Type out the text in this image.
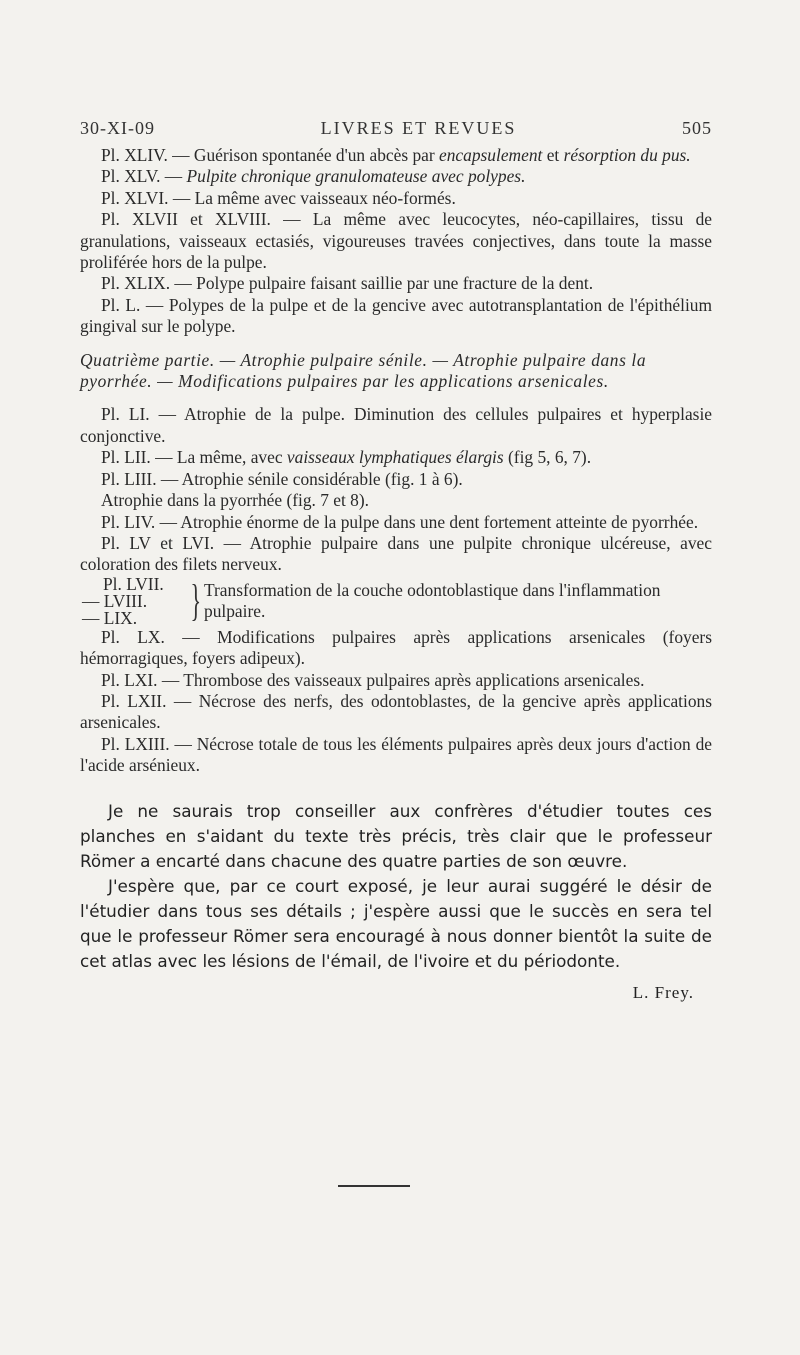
30-XI-09	LIVRES ET REVUES	505

Pl. XLIV. — Guérison spontanée d'un abcès par encapsulement et résorption du pus.

Pl. XLV. — Pulpite chronique granulomateuse avec polypes.

Pl. XLVI. — La même avec vaisseaux néo-formés.

Pl. XLVII et XLVIII. — La même avec leucocytes, néo-capillaires, tissu de granulations, vaisseaux ectasiés, vigoureuses travées conjectives, dans toute la masse proliférée hors de la pulpe.

Pl. XLIX. — Polype pulpaire faisant saillie par une fracture de la dent.

Pl. L. — Polypes de la pulpe et de la gencive avec autotransplantation de l'épithélium gingival sur le polype.

Quatrième partie. — Atrophie pulpaire sénile. — Atrophie pulpaire dans la pyorrhée. — Modifications pulpaires par les applications arsenicales.

Pl. LI. — Atrophie de la pulpe. Diminution des cellules pulpaires et hyperplasie conjonctive.

Pl. LII. — La même, avec vaisseaux lymphatiques élargis (fig 5, 6, 7).

Pl. LIII. — Atrophie sénile considérable (fig. 1 à 6).

Atrophie dans la pyorrhée (fig. 7 et 8).

Pl. LIV. — Atrophie énorme de la pulpe dans une dent fortement atteinte de pyorrhée.

Pl. LV et LVI. — Atrophie pulpaire dans une pulpite chronique ulcéreuse, avec coloration des filets nerveux.

Pl. LVII.
— LVIII.
— LIX.	} Transformation de la couche odontoblastique dans l'inflammation pulpaire.

Pl. LX. — Modifications pulpaires après applications arsenicales (foyers hémorragiques, foyers adipeux).

Pl. LXI. — Thrombose des vaisseaux pulpaires après applications arsenicales.

Pl. LXII. — Nécrose des nerfs, des odontoblastes, de la gencive après applications arsenicales.

Pl. LXIII. — Nécrose totale de tous les éléments pulpaires après deux jours d'action de l'acide arsénieux.

Je ne saurais trop conseiller aux confrères d'étudier toutes ces planches en s'aidant du texte très précis, très clair que le professeur Römer a encarté dans chacune des quatre parties de son œuvre.

J'espère que, par ce court exposé, je leur aurai suggéré le désir de l'étudier dans tous ses détails ; j'espère aussi que le succès en sera tel que le professeur Römer sera encouragé à nous donner bientôt la suite de cet atlas avec les lésions de l'émail, de l'ivoire et du périodonte.

L. Frey.
